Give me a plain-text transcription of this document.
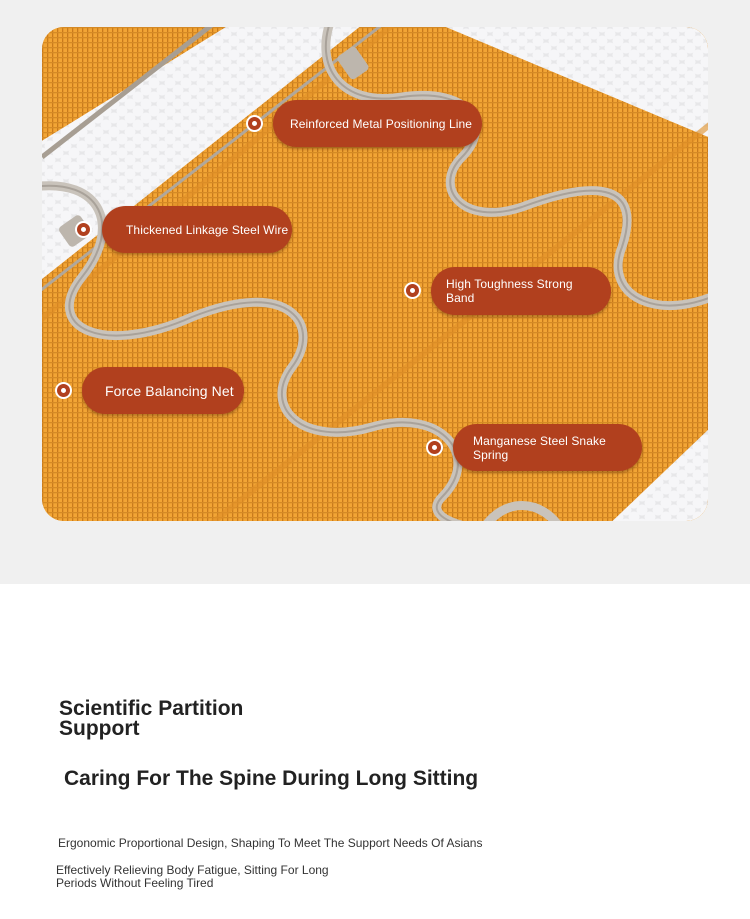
Reinforced Metal Positioning Line
Thickened Linkage Steel Wire
High Toughness Strong Band
Force Balancing Net
Manganese Steel Snake Spring
Scientific Partition Support
Caring For The Spine During Long Sitting
Ergonomic Proportional Design, Shaping To Meet The Support Needs Of Asians
Effectively Relieving Body Fatigue, Sitting For Long Periods Without Feeling Tired
